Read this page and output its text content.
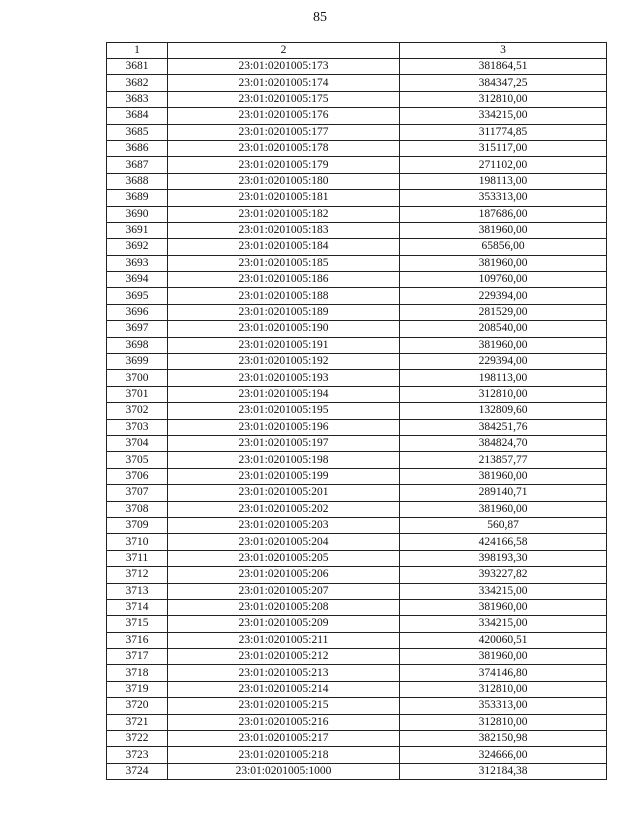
85
1	2	3
3681	23:01:0201005:173	381864,51
3682	23:01:0201005:174	384347,25
3683	23:01:0201005:175	312810,00
3684	23:01:0201005:176	334215,00
3685	23:01:0201005:177	311774,85
3686	23:01:0201005:178	315117,00
3687	23:01:0201005:179	271102,00
3688	23:01:0201005:180	198113,00
3689	23:01:0201005:181	353313,00
3690	23:01:0201005:182	187686,00
3691	23:01:0201005:183	381960,00
3692	23:01:0201005:184	65856,00
3693	23:01:0201005:185	381960,00
3694	23:01:0201005:186	109760,00
3695	23:01:0201005:188	229394,00
3696	23:01:0201005:189	281529,00
3697	23:01:0201005:190	208540,00
3698	23:01:0201005:191	381960,00
3699	23:01:0201005:192	229394,00
3700	23:01:0201005:193	198113,00
3701	23:01:0201005:194	312810,00
3702	23:01:0201005:195	132809,60
3703	23:01:0201005:196	384251,76
3704	23:01:0201005:197	384824,70
3705	23:01:0201005:198	213857,77
3706	23:01:0201005:199	381960,00
3707	23:01:0201005:201	289140,71
3708	23:01:0201005:202	381960,00
3709	23:01:0201005:203	560,87
3710	23:01:0201005:204	424166,58
3711	23:01:0201005:205	398193,30
3712	23:01:0201005:206	393227,82
3713	23:01:0201005:207	334215,00
3714	23:01:0201005:208	381960,00
3715	23:01:0201005:209	334215,00
3716	23:01:0201005:211	420060,51
3717	23:01:0201005:212	381960,00
3718	23:01:0201005:213	374146,80
3719	23:01:0201005:214	312810,00
3720	23:01:0201005:215	353313,00
3721	23:01:0201005:216	312810,00
3722	23:01:0201005:217	382150,98
3723	23:01:0201005:218	324666,00
3724	23:01:0201005:1000	312184,38
